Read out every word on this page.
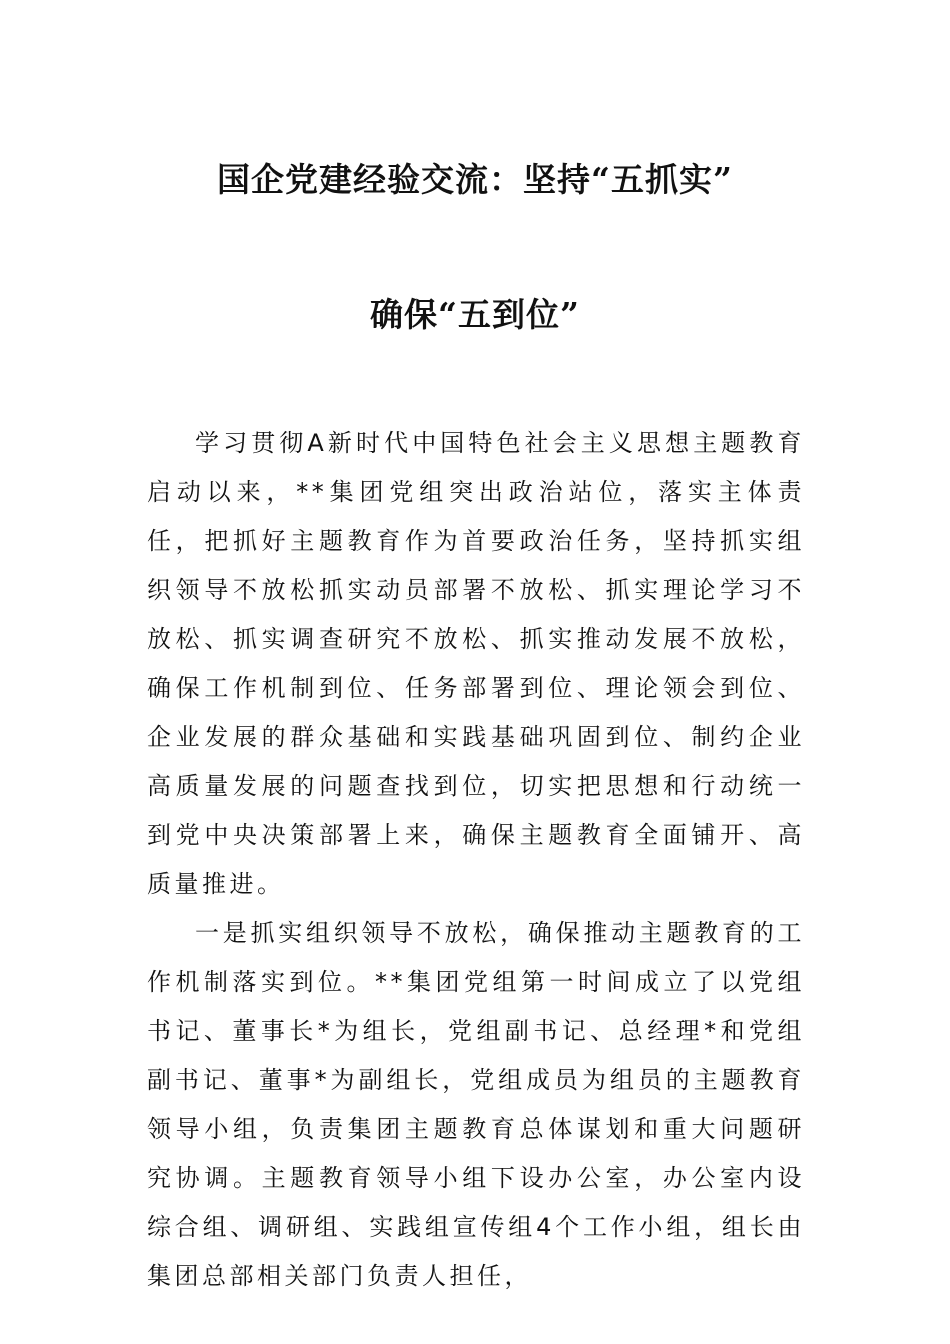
国企党建经验交流：坚持“五抓实”
确保“五到位”

学习贯彻A新时代中国特色社会主义思想主题教育启动以来，**集团党组突出政治站位，落实主体责任，把抓好主题教育作为首要政治任务，坚持抓实组织领导不放松抓实动员部署不放松、抓实理论学习不放松、抓实调查研究不放松、抓实推动发展不放松，确保工作机制到位、任务部署到位、理论领会到位、企业发展的群众基础和实践基础巩固到位、制约企业高质量发展的问题查找到位，切实把思想和行动统一到党中央决策部署上来，确保主题教育全面铺开、高质量推进。

一是抓实组织领导不放松，确保推动主题教育的工作机制落实到位。**集团党组第一时间成立了以党组书记、董事长*为组长，党组副书记、总经理*和党组副书记、董事*为副组长，党组成员为组员的主题教育领导小组，负责集团主题教育总体谋划和重大问题研究协调。主题教育领导小组下设办公室，办公室内设综合组、调研组、实践组宣传组4个工作小组，组长由集团总部相关部门负责人担任，
